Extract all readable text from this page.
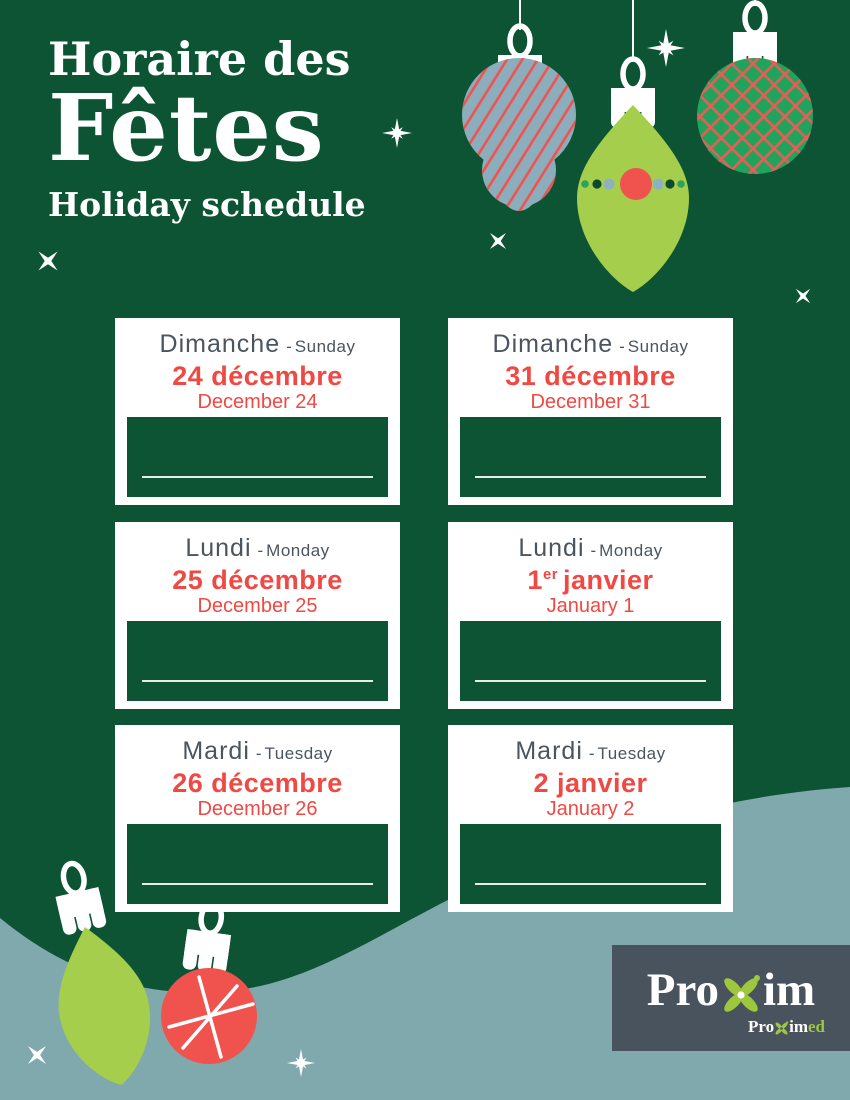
Horaire des
Fêtes
Holiday schedule
Dimanche - Sunday
24 décembre
December 24
Dimanche - Sunday
31 décembre
December 31
Lundi - Monday
25 décembre
December 25
Lundi - Monday
1er janvier
January 1
Mardi - Tuesday
26 décembre
December 26
Mardi - Tuesday
2 janvier
January 2
Pro im
Pro im ed
